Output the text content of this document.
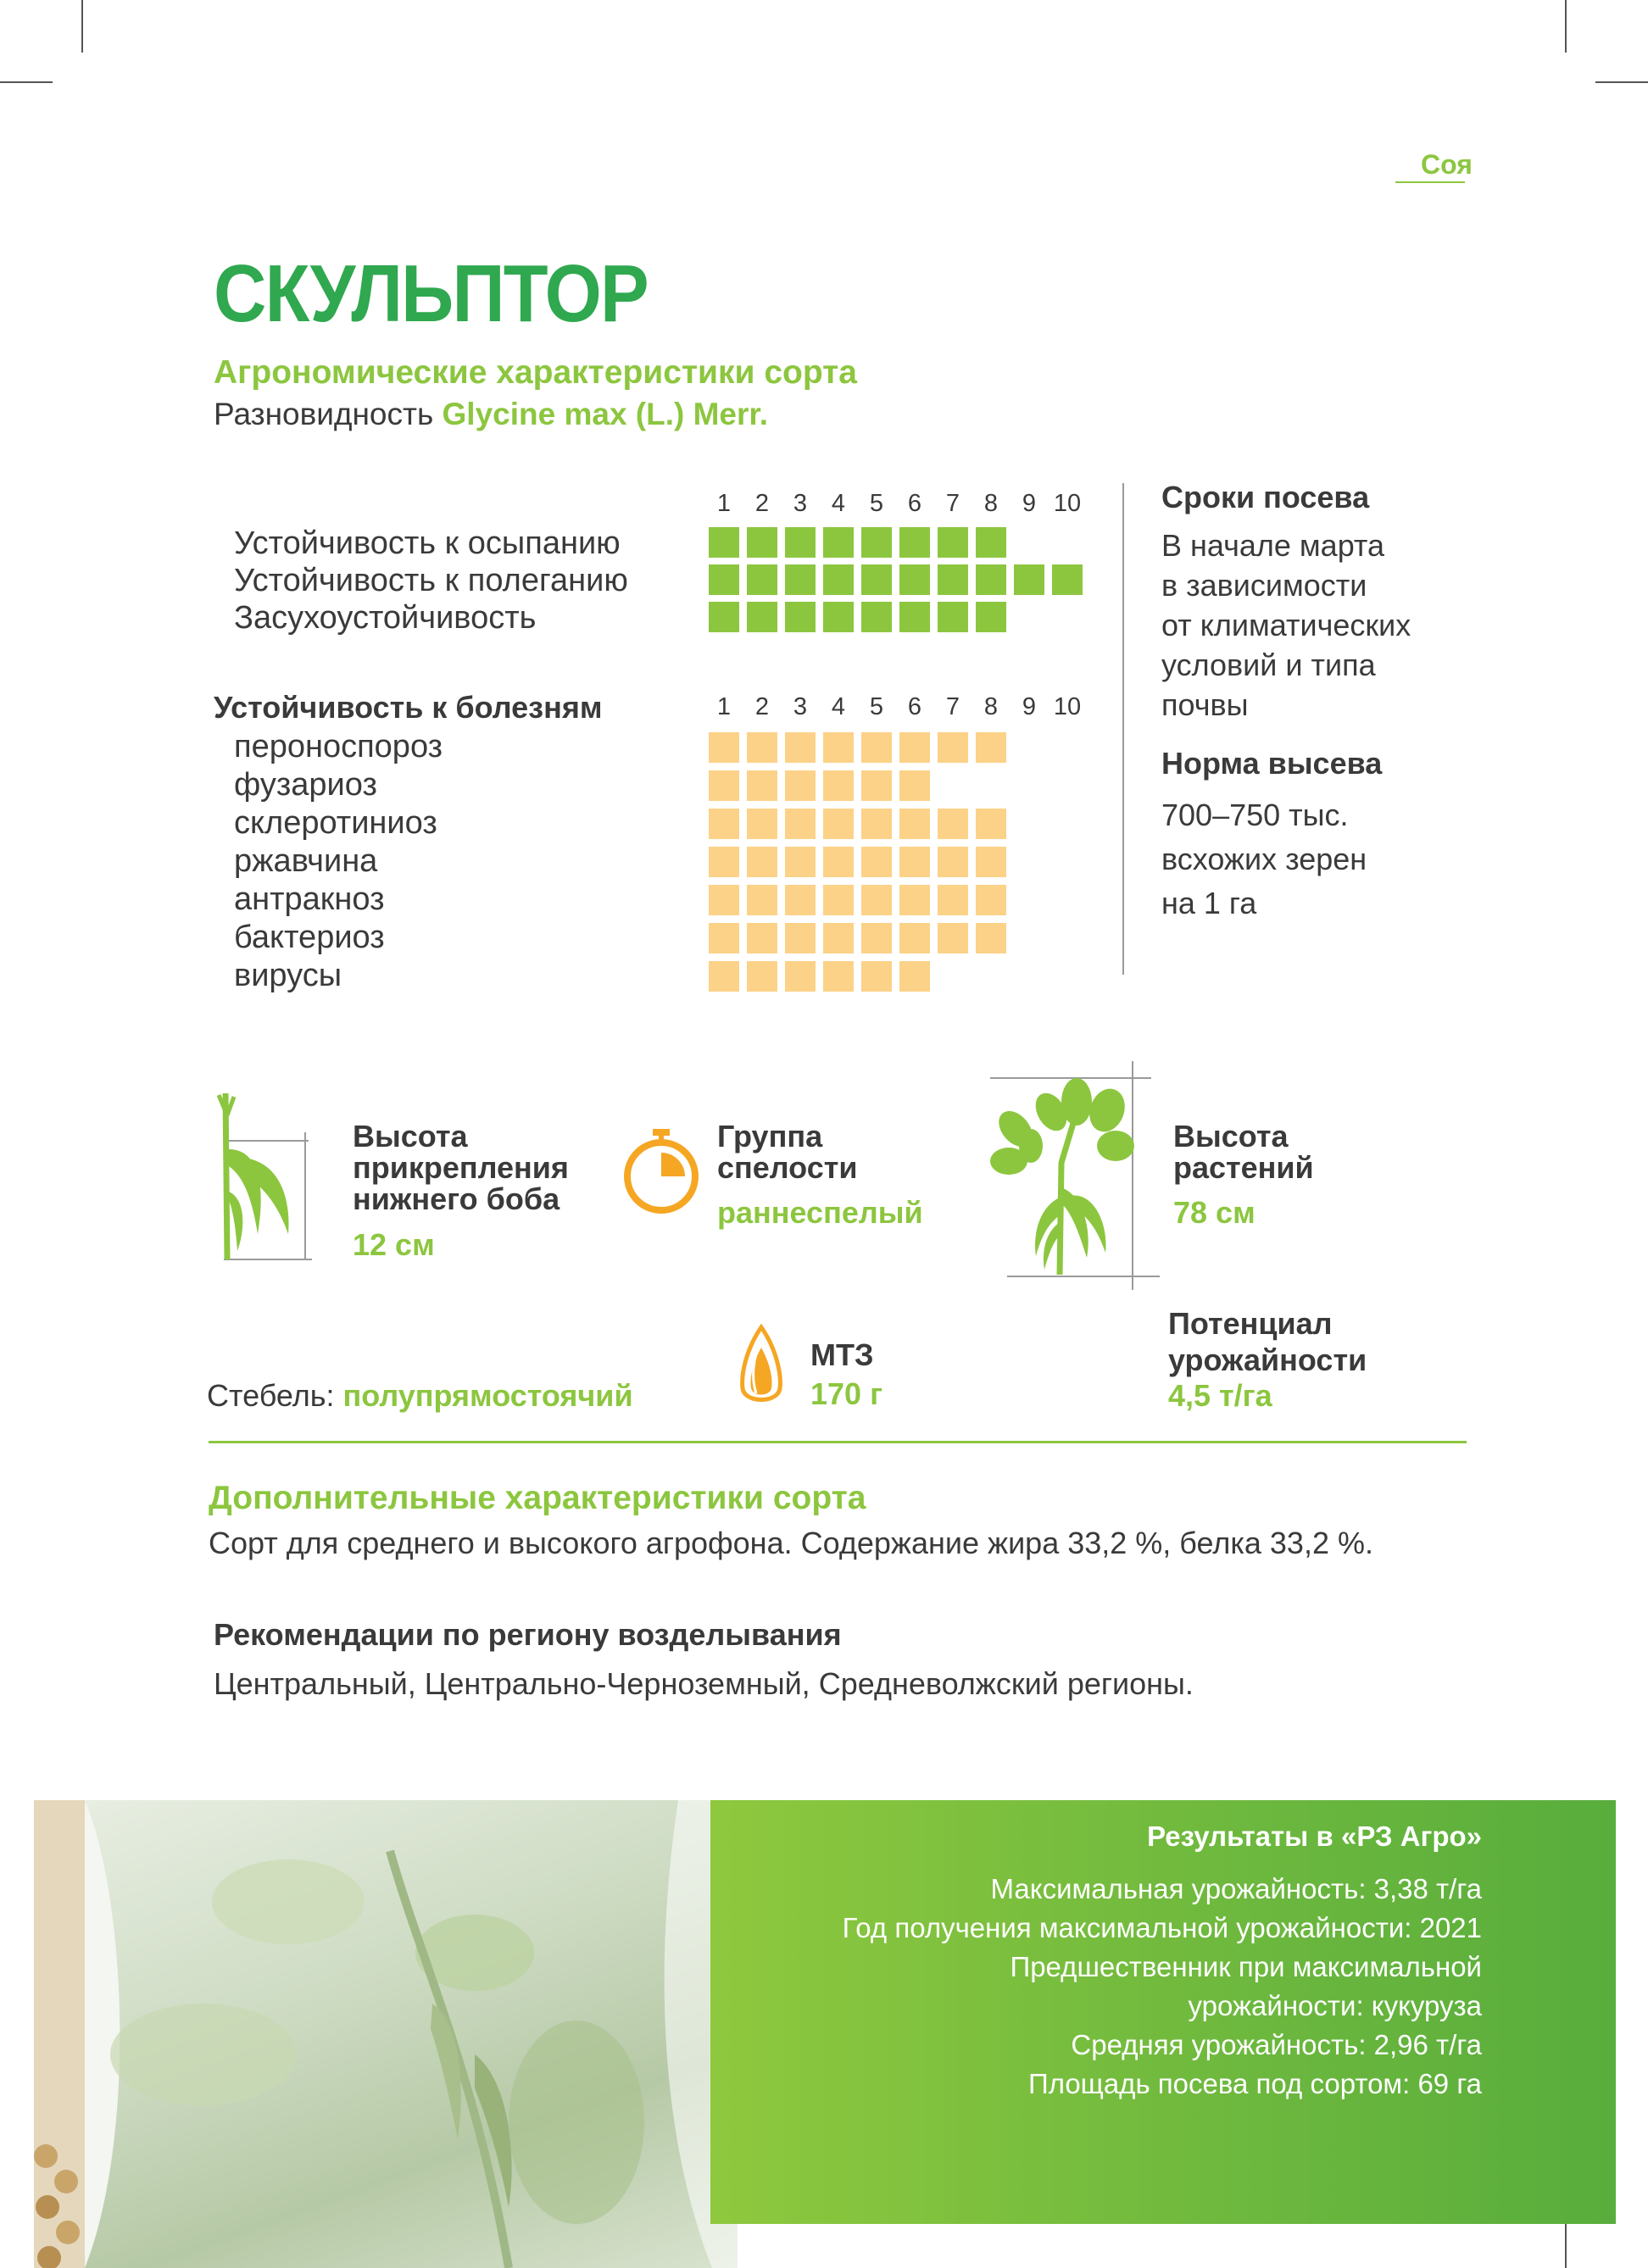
Соя
СКУЛЬПТОР
Агрономические характеристики сорта
Разновидность Glycine max (L.) Merr.
1 2 3 4 5 6 7 8 9 10
Устойчивость к осыпанию
Устойчивость к полеганию
Засухоустойчивость
Устойчивость к болезням	1 2 3 4 5 6 7 8 9 10
пероноспороз
фузариоз
склеротиниоз
ржавчина
антракноз
бактериоз
вирусы
Сроки посева
В начале марта
в зависимости
от климатических
условий и типа
почвы
Норма высева
700–750 тыс.
всхожих зерен
на 1 га
Высота
прикрепления
нижнего боба
12 см
Группа
спелости
раннеспелый
Высота
растений
78 см
Стебель: полупрямостоячий
МТЗ
170 г
Потенциал
урожайности
4,5 т/га
Дополнительные характеристики сорта
Сорт для среднего и высокого агрофона. Содержание жира 33,2 %, белка 33,2 %.
Рекомендации по региону возделывания
Центральный, Центрально-Черноземный, Средневолжский регионы.
Результаты в «РЗ Агро»
Максимальная урожайность: 3,38 т/га
Год получения максимальной урожайности: 2021
Предшественник при максимальной
урожайности: кукуруза
Средняя урожайность: 2,96 т/га
Площадь посева под сортом: 69 га
